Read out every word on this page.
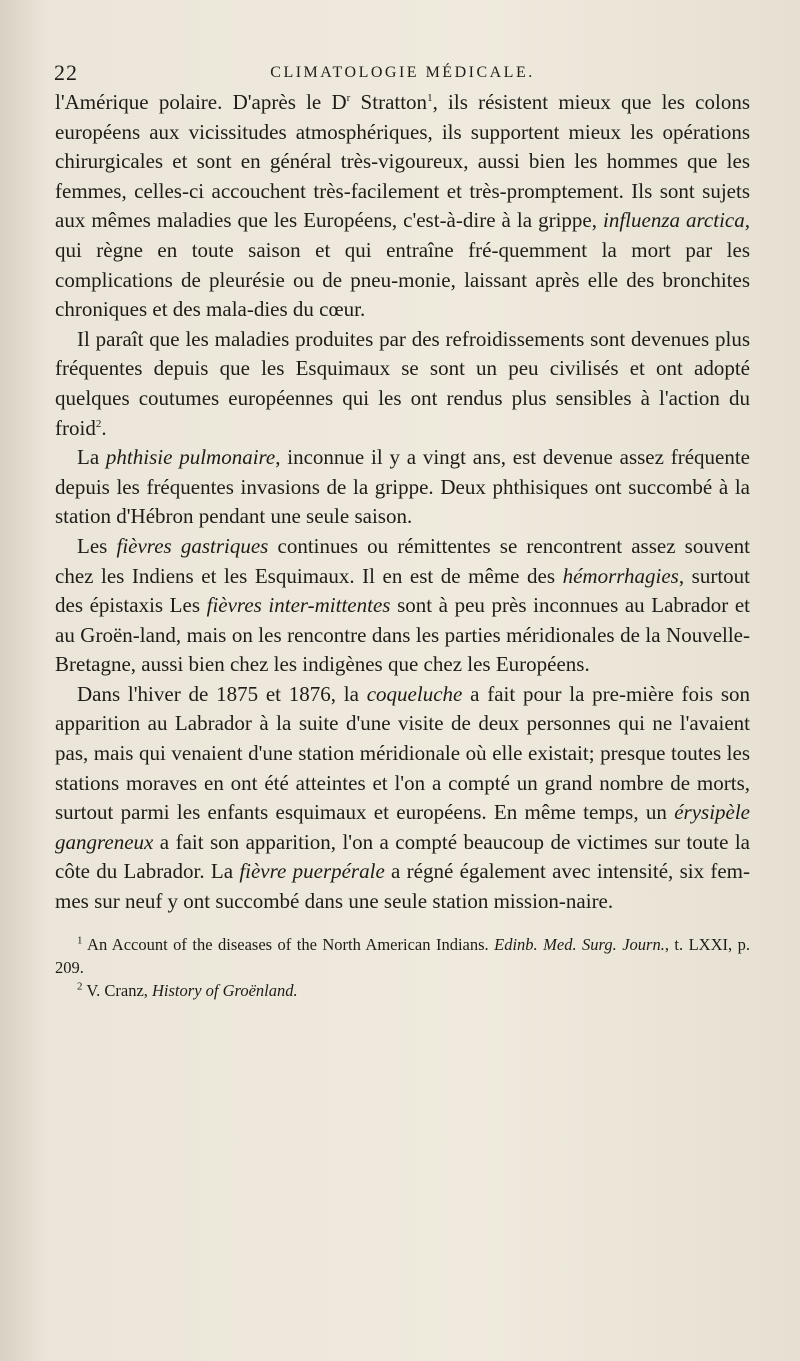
22	CLIMATOLOGIE MÉDICALE.

l'Amérique polaire. D'après le $D^r$ Stratton$^1$, ils résistent mieux que les colons européens aux vicissitudes atmosphériques, ils supportent mieux les opérations chirurgicales et sont en général très-vigoureux, aussi bien les hommes que les femmes, celles-ci accouchent très-facilement et très-promptement. Ils sont sujets aux mêmes maladies que les Européens, c'est-à-dire à la grippe, influenza arctica, qui règne en toute saison et qui entraîne fré-quemment la mort par les complications de pleurésie ou de pneu-monie, laissant après elle des bronchites chroniques et des mala-dies du cœur.

Il paraît que les maladies produites par des refroidissements sont devenues plus fréquentes depuis que les Esquimaux se sont un peu civilisés et ont adopté quelques coutumes européennes qui les ont rendus plus sensibles à l'action du froid$^2$.

La phthisie pulmonaire, inconnue il y a vingt ans, est devenue assez fréquente depuis les fréquentes invasions de la grippe. Deux phthisiques ont succombé à la station d'Hébron pendant une seule saison.

Les fièvres gastriques continues ou rémittentes se rencontrent assez souvent chez les Indiens et les Esquimaux. Il en est de même des hémorrhagies, surtout des épistaxis Les fièvres inter-mittentes sont à peu près inconnues au Labrador et au Groën-land, mais on les rencontre dans les parties méridionales de la Nouvelle-Bretagne, aussi bien chez les indigènes que chez les Européens.

Dans l'hiver de 1875 et 1876, la coqueluche a fait pour la pre-mière fois son apparition au Labrador à la suite d'une visite de deux personnes qui ne l'avaient pas, mais qui venaient d'une station méridionale où elle existait; presque toutes les stations moraves en ont été atteintes et l'on a compté un grand nombre de morts, surtout parmi les enfants esquimaux et européens. En même temps, un érysipèle gangreneux a fait son apparition, l'on a compté beaucoup de victimes sur toute la côte du Labrador. La fièvre puerpérale a régné également avec intensité, six fem-mes sur neuf y ont succombé dans une seule station mission-naire.

$^1$ An Account of the diseases of the North American Indians. Edinb. Med. Surg. Journ., t. LXXI, p. 209.

$^2$ V. Cranz, History of Groënland.
